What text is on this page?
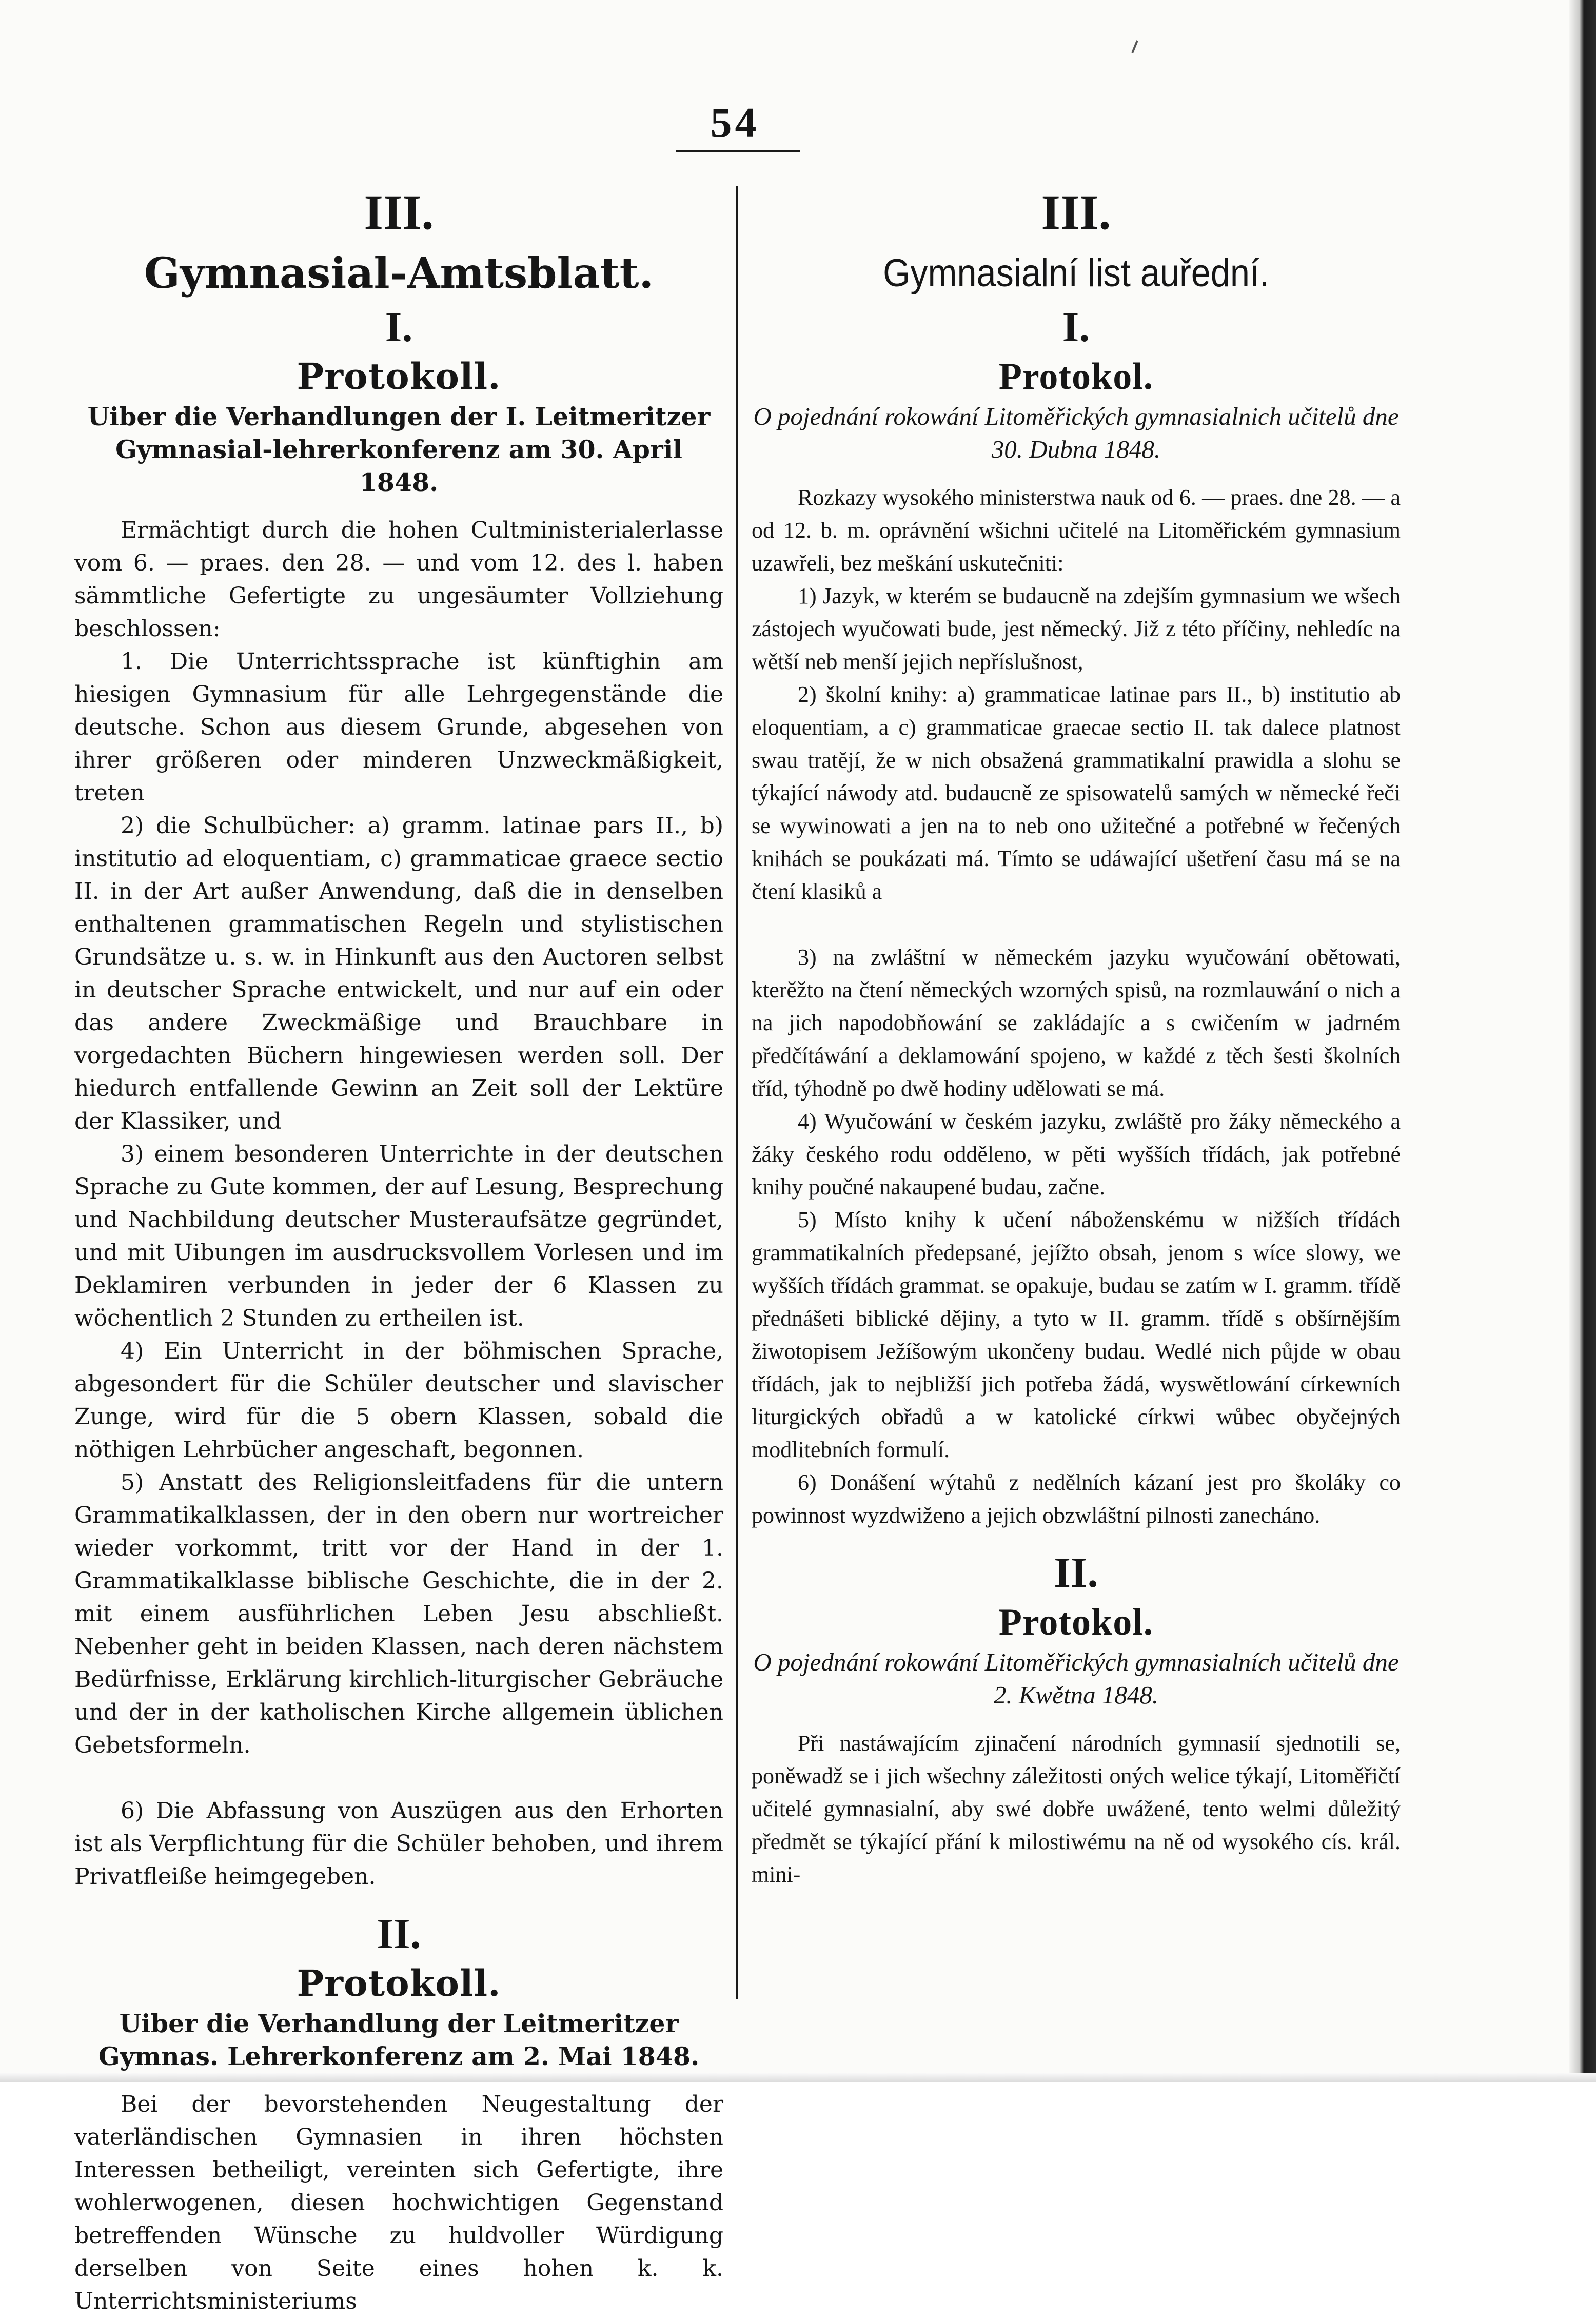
54

III.

Gymnasial-Amtsblatt.

I.

Protokoll.

Uiber die Verhandlungen der I. Leitmeritzer Gymnasial-lehrerkonferenz am 30. April 1848.

Ermächtigt durch die hohen Cultministerialerlasse vom 6. — praes. den 28. — und vom 12. des l. haben sämmtliche Gefertigte zu ungesäumter Vollziehung beschlossen:

1. Die Unterrichtssprache ist künftighin am hiesigen Gymnasium für alle Lehrgegenstände die deutsche. Schon aus diesem Grunde, abgesehen von ihrer größeren oder minderen Unzweckmäßigkeit, treten

2) die Schulbücher: a) gramm. latinae pars II., b) institutio ad eloquentiam, c) grammaticae graece sectio II. in der Art außer Anwendung, daß die in denselben enthaltenen grammatischen Regeln und stylistischen Grundsätze u. s. w. in Hinkunft aus den Auctoren selbst in deutscher Sprache entwickelt, und nur auf ein oder das andere Zweckmäßige und Brauchbare in vorgedachten Büchern hingewiesen werden soll. Der hiedurch entfallende Gewinn an Zeit soll der Lektüre der Klassiker, und

3) einem besonderen Unterrichte in der deutschen Sprache zu Gute kommen, der auf Lesung, Besprechung und Nachbildung deutscher Musteraufsätze gegründet, und mit Uibungen im ausdrucksvollem Vorlesen und im Deklamiren verbunden in jeder der 6 Klassen zu wöchentlich 2 Stunden zu ertheilen ist.

4) Ein Unterricht in der böhmischen Sprache, abgesondert für die Schüler deutscher und slavischer Zunge, wird für die 5 obern Klassen, sobald die nöthigen Lehrbücher angeschaft, begonnen.

5) Anstatt des Religionsleitfadens für die untern Grammatikalklassen, der in den obern nur wortreicher wieder vorkommt, tritt vor der Hand in der 1. Grammatikalklasse biblische Geschichte, die in der 2. mit einem ausführlichen Leben Jesu abschließt. Nebenher geht in beiden Klassen, nach deren nächstem Bedürfnisse, Erklärung kirchlich-liturgischer Gebräuche und der in der katholischen Kirche allgemein üblichen Gebetsformeln.

6) Die Abfassung von Auszügen aus den Erhorten ist als Verpflichtung für die Schüler behoben, und ihrem Privatfleiße heimgegeben.

II.

Protokoll.

Uiber die Verhandlung der Leitmeritzer Gymnas. Lehrerkonferenz am 2. Mai 1848.

Bei der bevorstehenden Neugestaltung der vaterländischen Gymnasien in ihren höchsten Interessen betheiligt, vereinten sich Gefertigte, ihre wohlerwogenen, diesen hochwichtigen Gegenstand betreffenden Wünsche zu huldvoller Würdigung derselben von Seite eines hohen k. k. Unterrichtsministeriums

III.

Gymnasialní list auřední.

I.

Protokol.

O pojednání rokowání Litoměřických gymnasialnich učitelů dne 30. Dubna 1848.

Rozkazy wysokého ministerstwa nauk od 6. — praes. dne 28. — a od 12. b. m. oprávnění wšichni učitelé na Litoměřickém gymnasium uzawřeli, bez meškání uskutečniti:

1) Jazyk, w kterém se budaucně na zdejším gymnasium we wšech zástojech wyučowati bude, jest německý. Již z této příčiny, nehledíc na wětší neb menší jejich nepříslušnost,

2) školní knihy: a) grammaticae latinae pars II., b) institutio ab eloquentiam, a c) grammaticae graecae sectio II. tak dalece platnost swau tratějí, že w nich obsažená grammatikalní prawidla a slohu se týkající náwody atd. budaucně ze spisowatelů samých w německé řeči se wywinowati a jen na to neb ono užitečné a potřebné w řečených knihách se poukázati má. Tímto se udáwající ušetření času má se na čtení klasiků a

3) na zwláštní w německém jazyku wyučowání obětowati, kterěžto na čtení německých wzorných spisů, na rozmlauwání o nich a na jich napodobňowání se zakládajíc a s cwičením w jadrném předčítáwání a deklamowání spojeno, w každé z těch šesti školních tříd, týhodně po dwě hodiny udělowati se má.

4) Wyučowání w českém jazyku, zwláště pro žáky německého a žáky českého rodu odděleno, w pěti wyšších třídách, jak potřebné knihy poučné nakaupené budau, začne.

5) Místo knihy k učení náboženskému w nižších třídách grammatikalních předepsané, jejížto obsah, jenom s wíce slowy, we wyšších třídách grammat. se opakuje, budau se zatím w I. gramm. třídě přednášeti biblické dějiny, a tyto w II. gramm. třídě s obšírnějším žiwotopisem Ježíšowým ukončeny budau. Wedlé nich půjde w obau třídách, jak to nejbližší jich potřeba žádá, wyswětlowání církewních liturgických obřadů a w katolické církwi wůbec obyčejných modlitebních formulí.

6) Donášení wýtahů z nedělních kázaní jest pro školáky co powinnost wyzdwiženo a jejich obzwláštní pilnosti zanecháno.

II.

Protokol.

O pojednání rokowání Litoměřických gymnasialních učitelů dne 2. Kwětna 1848.

Při nastáwajícím zjinačení národních gymnasií sjednotili se, poněwadž se i jich wšechny záležitosti oných welice týkají, Litoměřičtí učitelé gymnasialní, aby swé dobře uwážené, tento welmi důležitý předmět se týkající přání k milostiwému na ně od wysokého cís. král. mini-
